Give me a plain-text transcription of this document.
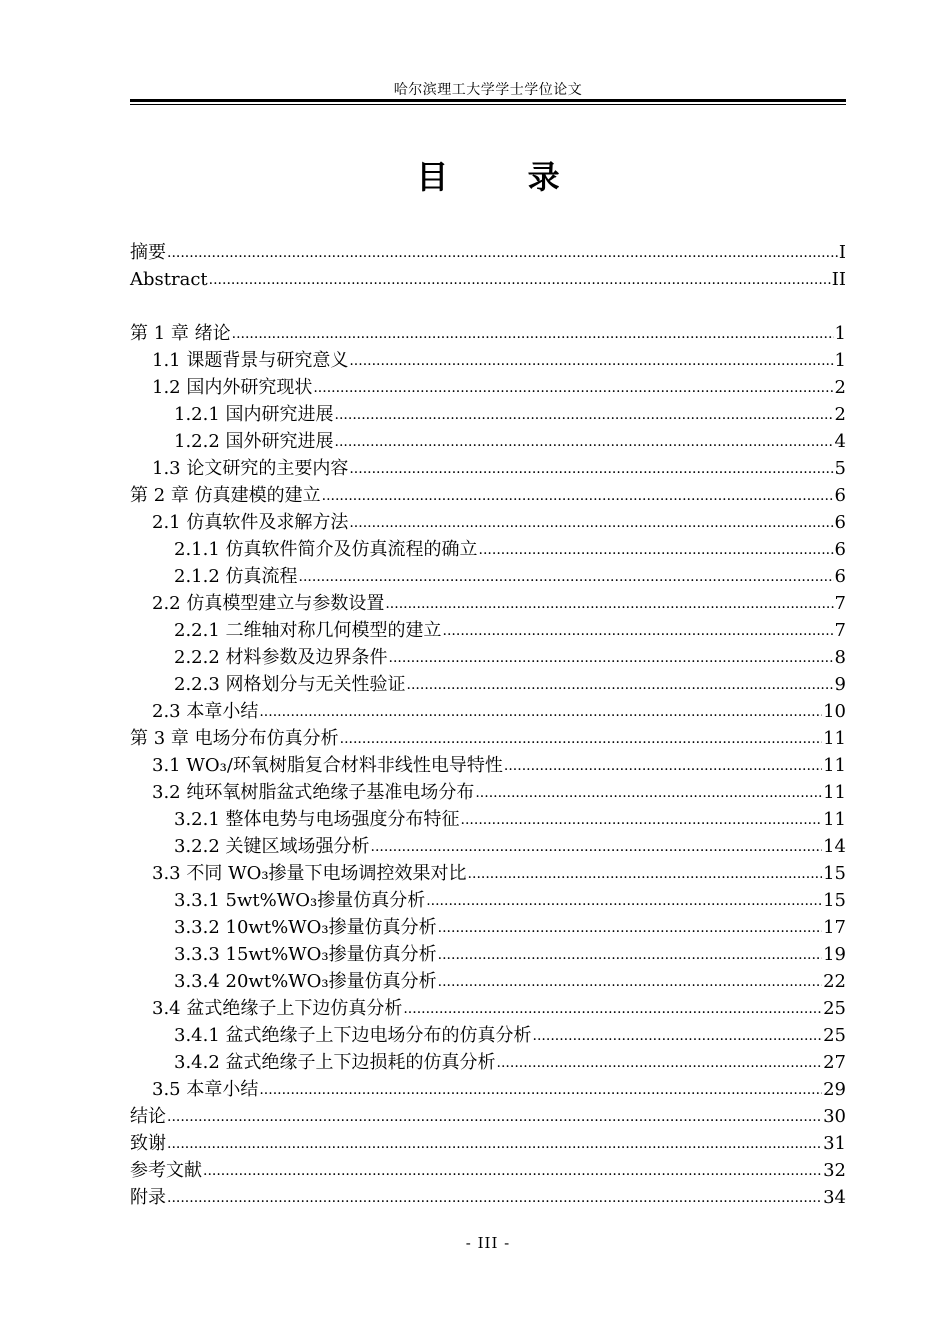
哈尔滨理工大学学士学位论文
目 录
摘要 .....	I
Abstract .....	II
第 1 章 绪论 .....	1
1.1 课题背景与研究意义 .....	1
1.2 国内外研究现状 .....	2
1.2.1 国内研究进展 .....	2
1.2.2 国外研究进展 .....	4
1.3 论文研究的主要内容 .....	5
第 2 章 仿真建模的建立 .....	6
2.1 仿真软件及求解方法 .....	6
2.1.1 仿真软件简介及仿真流程的确立 .....	6
2.1.2 仿真流程 .....	6
2.2 仿真模型建立与参数设置 .....	7
2.2.1 二维轴对称几何模型的建立 .....	7
2.2.2 材料参数及边界条件 .....	8
2.2.3 网格划分与无关性验证 .....	9
2.3 本章小结 .....	10
第 3 章 电场分布仿真分析 .....	11
3.1 WO₃/环氧树脂复合材料非线性电导特性 .....	11
3.2 纯环氧树脂盆式绝缘子基准电场分布 .....	11
3.2.1 整体电势与电场强度分布特征 .....	11
3.2.2 关键区域场强分析 .....	14
3.3 不同 WO₃掺量下电场调控效果对比 .....	15
3.3.1 5wt%WO₃掺量仿真分析 .....	15
3.3.2 10wt%WO₃掺量仿真分析 .....	17
3.3.3 15wt%WO₃掺量仿真分析 .....	19
3.3.4 20wt%WO₃掺量仿真分析 .....	22
3.4 盆式绝缘子上下边仿真分析 .....	25
3.4.1 盆式绝缘子上下边电场分布的仿真分析 .....	25
3.4.2 盆式绝缘子上下边损耗的仿真分析 .....	27
3.5 本章小结 .....	29
结论 .....	30
致谢 .....	31
参考文献 .....	32
附录 .....	34
- III -
